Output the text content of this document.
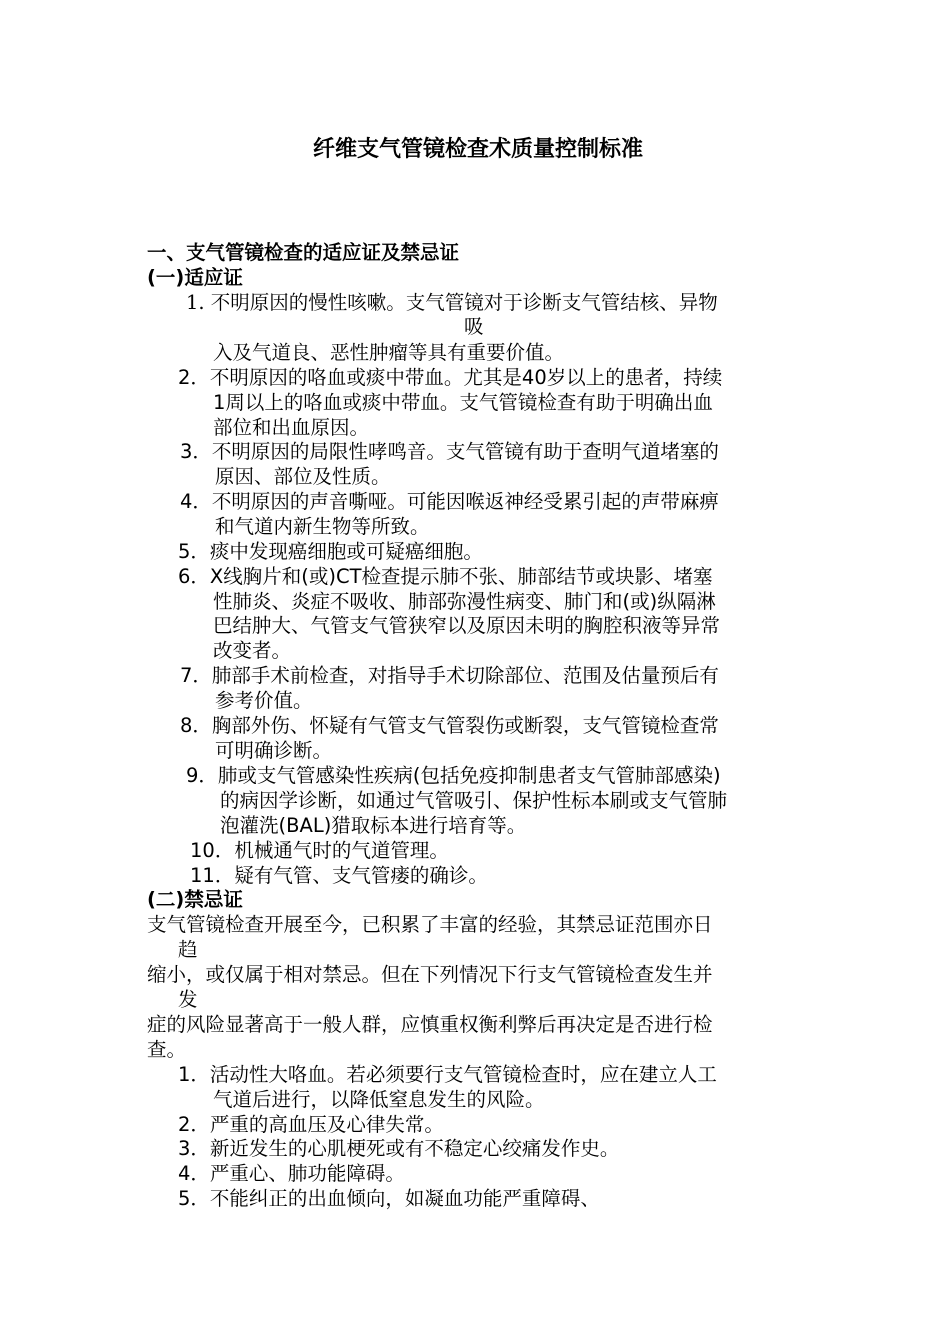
纤维支气管镜检查术质量控制标准
一、支气管镜检查的适应证及禁忌证
(一)适应证
1. 不明原因的慢性咳嗽。支气管镜对于诊断支气管结核、异物
吸
入及气道良、恶性肿瘤等具有重要价值。
2．不明原因的咯血或痰中带血。尤其是40岁以上的患者，持续
1周以上的咯血或痰中带血。支气管镜检查有助于明确出血
部位和出血原因。
3．不明原因的局限性哮鸣音。支气管镜有助于查明气道堵塞的
原因、部位及性质。
4．不明原因的声音嘶哑。可能因喉返神经受累引起的声带麻痹
和气道内新生物等所致。
5．痰中发现癌细胞或可疑癌细胞。
6．X线胸片和(或)CT检查提示肺不张、肺部结节或块影、堵塞
性肺炎、炎症不吸收、肺部弥漫性病变、肺门和(或)纵隔淋
巴结肿大、气管支气管狭窄以及原因未明的胸腔积液等异常
改变者。
7．肺部手术前检查，对指导手术切除部位、范围及估量预后有
参考价值。
8．胸部外伤、怀疑有气管支气管裂伤或断裂，支气管镜检查常
可明确诊断。
9．肺或支气管感染性疾病(包括免疫抑制患者支气管肺部感染)
的病因学诊断，如通过气管吸引、保护性标本刷或支气管肺
泡灌洗(BAL)猎取标本进行培育等。
10．机械通气时的气道管理。
11．疑有气管、支气管瘘的确诊。
(二)禁忌证
支气管镜检查开展至今，已积累了丰富的经验，其禁忌证范围亦日
趋
缩小，或仅属于相对禁忌。但在下列情况下行支气管镜检查发生并
发
症的风险显著高于一般人群，应慎重权衡利弊后再决定是否进行检
查。
1．活动性大咯血。若必须要行支气管镜检查时，应在建立人工
气道后进行，以降低窒息发生的风险。
2．严重的高血压及心律失常。
3．新近发生的心肌梗死或有不稳定心绞痛发作史。
4．严重心、肺功能障碍。
5．不能纠正的出血倾向，如凝血功能严重障碍、
